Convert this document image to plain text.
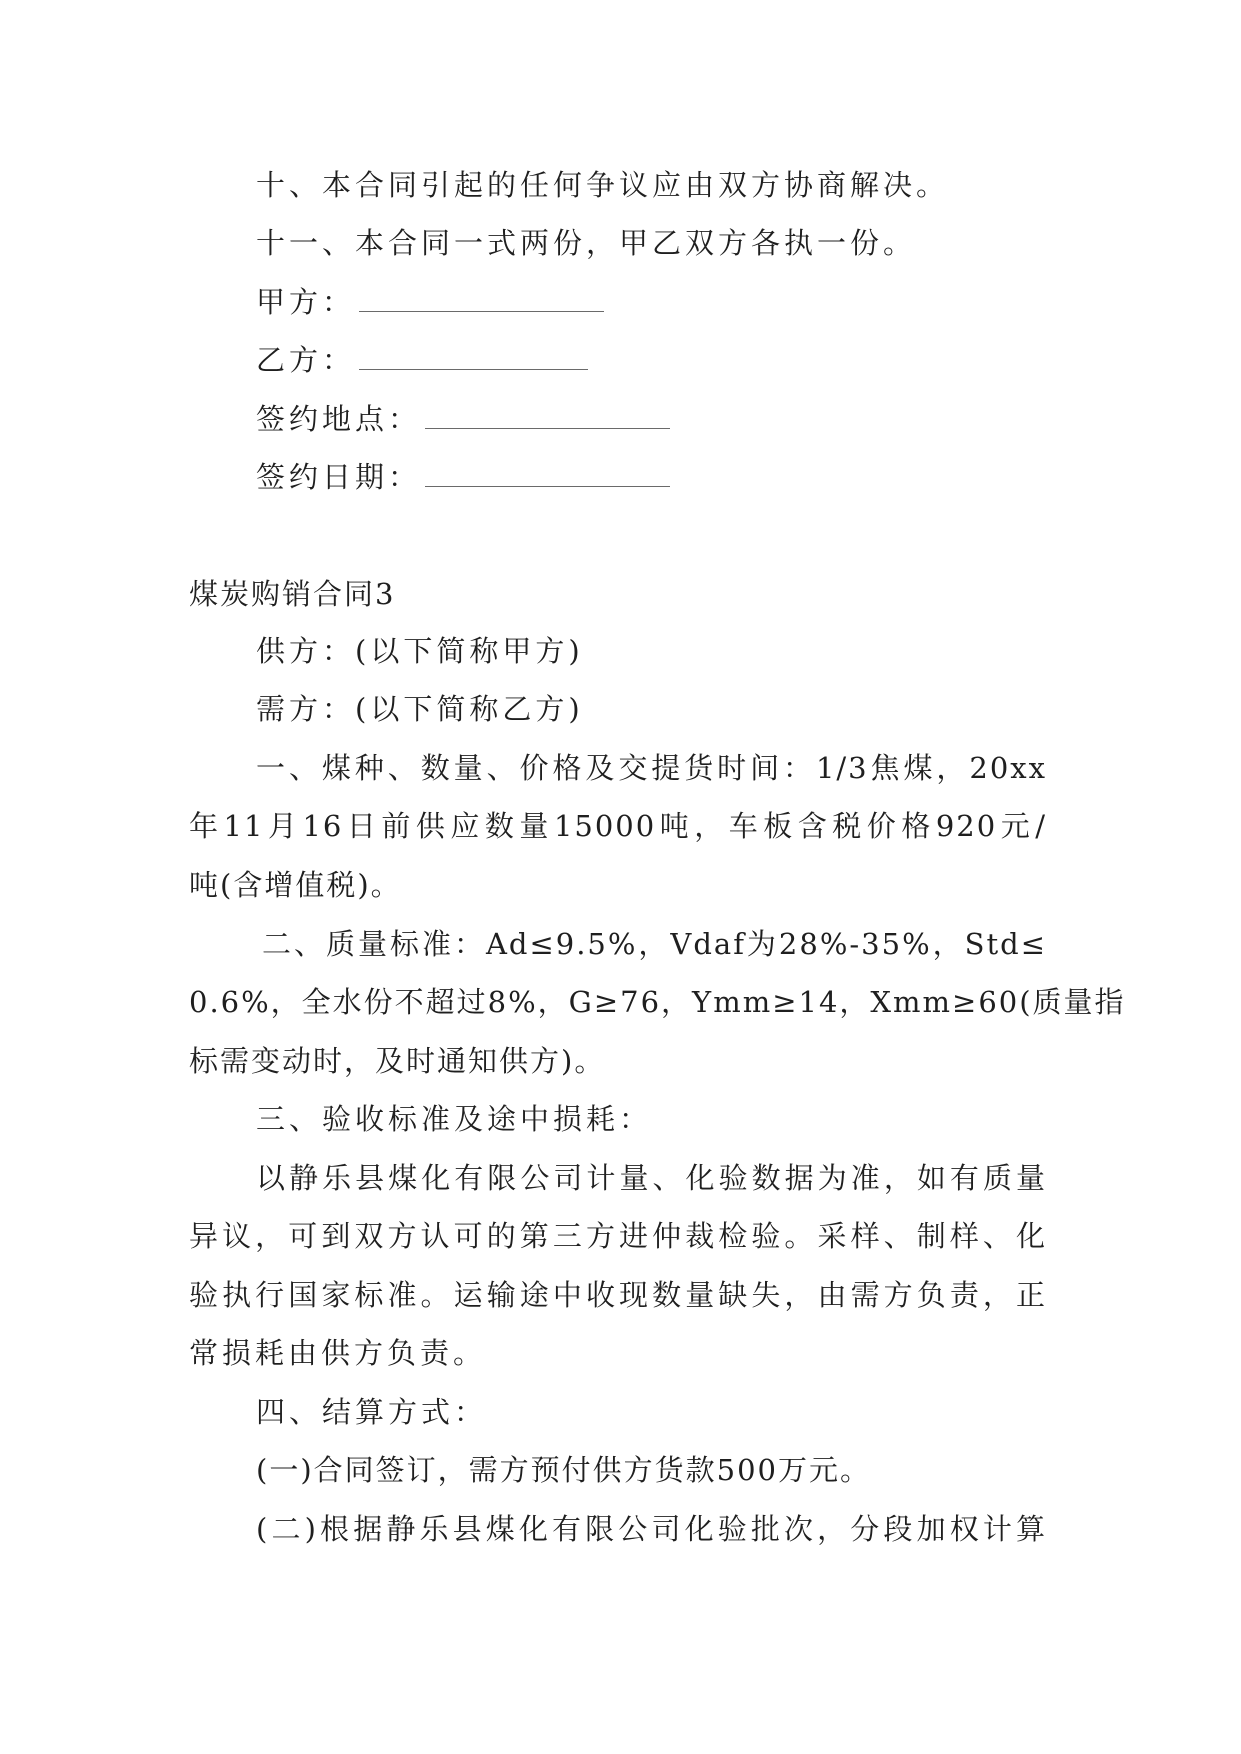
十、本合同引起的任何争议应由双方协商解决。
十一、本合同一式两份，甲乙双方各执一份。
甲方：
乙方：
签约地点：
签约日期：
煤炭购销合同3
供方：(以下简称甲方)
需方：(以下简称乙方)
一、煤种、数量、价格及交提货时间：1/3焦煤，20xx
年11月16日前供应数量15000吨，车板含税价格920元/
吨(含增值税)。
二、质量标准：Ad≤9.5%，Vdaf为28%-35%，Std≤
0.6%，全水份不超过8%，G≥76，Ymm≥14，Xmm≥60(质量指
标需变动时，及时通知供方)。
三、验收标准及途中损耗：
以静乐县煤化有限公司计量、化验数据为准，如有质量
异议，可到双方认可的第三方进仲裁检验。采样、制样、化
验执行国家标准。运输途中收现数量缺失，由需方负责，正
常损耗由供方负责。
四、结算方式：
(一)合同签订，需方预付供方货款500万元。
(二)根据静乐县煤化有限公司化验批次，分段加权计算
